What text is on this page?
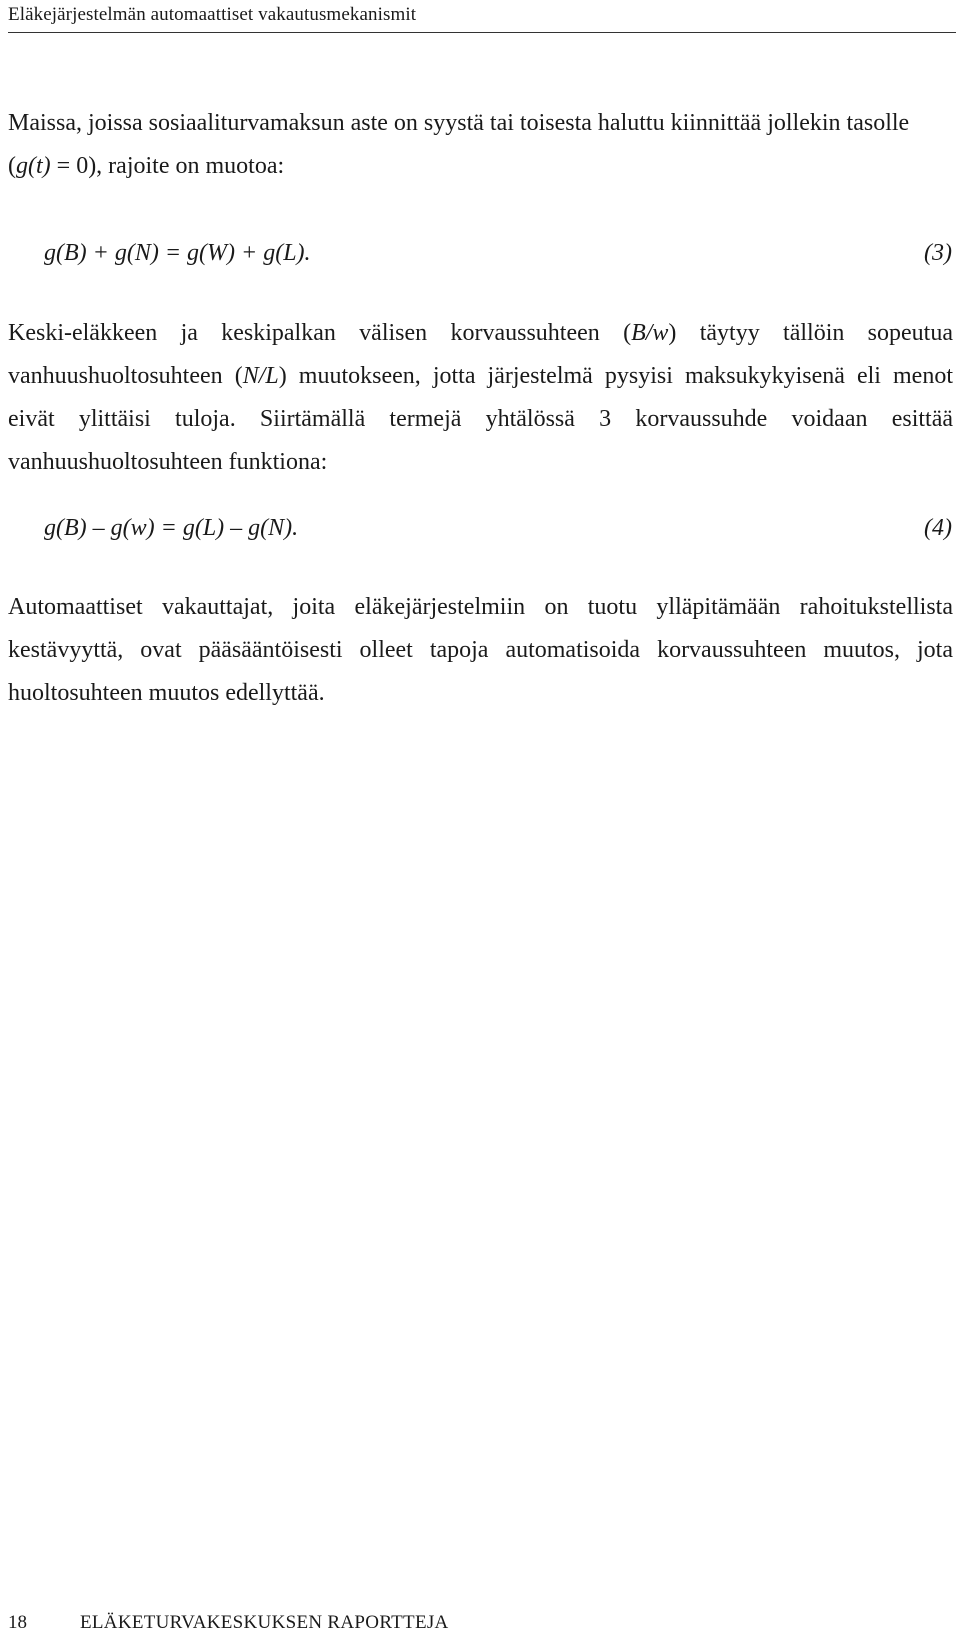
Eläkejärjestelmän automaattiset vakautusmekanismit

Maissa, joissa sosiaaliturvamaksun aste on syystä tai toisesta haluttu kiinnittää jollekin tasolle (g(t) = 0), rajoite on muotoa:

g(B) + g(N) = g(W) + g(L).	(3)

Keski-eläkkeen ja keskipalkan välisen korvaussuhteen (B/w) täytyy tällöin sopeutua vanhuushuoltosuhteen (N/L) muutokseen, jotta järjestelmä pysyisi maksukykyisenä eli menot eivät ylittäisi tuloja. Siirtämällä termejä yhtälössä 3 korvaussuhde voidaan esittää vanhuushuoltosuhteen funktiona:

g(B) – g(w) = g(L) – g(N).	(4)

Automaattiset vakauttajat, joita eläkejärjestelmiin on tuotu ylläpitämään rahoitukstellista kestävyyttä, ovat pääsääntöisesti olleet tapoja automatisoida korvaussuhteen muutos, jota huoltosuhteen muutos edellyttää.

18	ELÄKETURVAKESKUKSEN RAPORTTEJA
